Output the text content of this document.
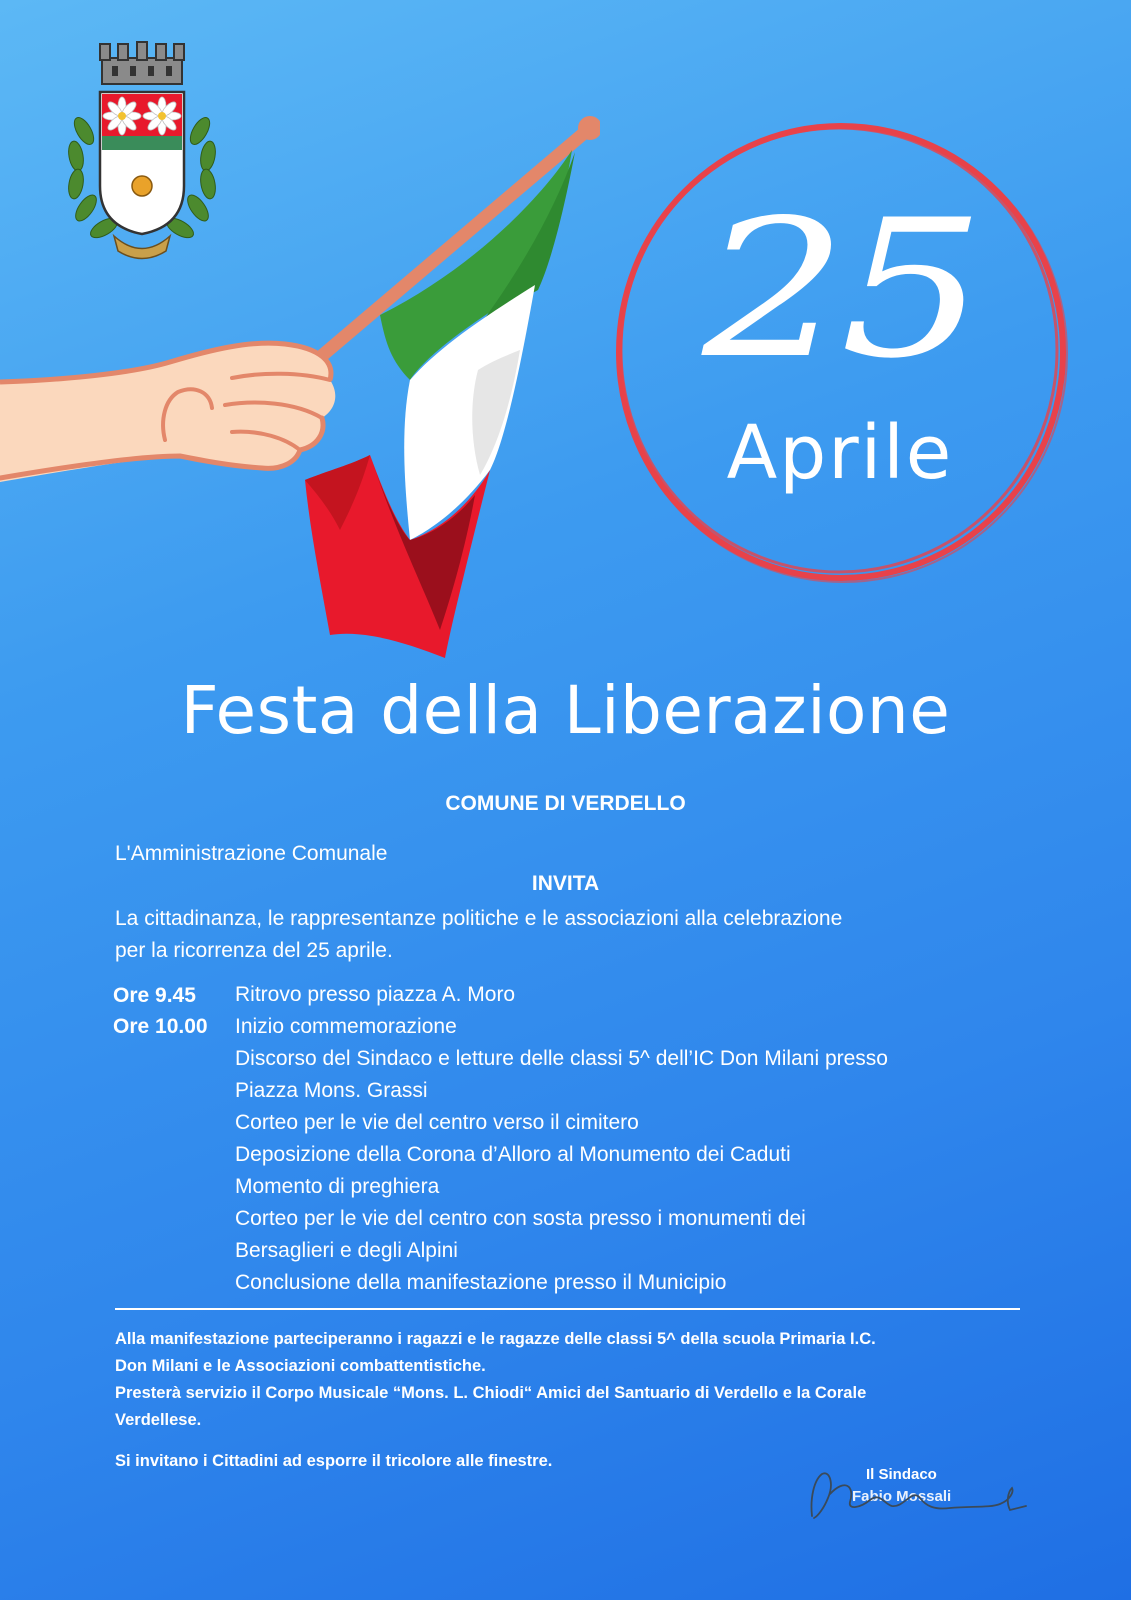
25
Aprile
Festa della Liberazione
COMUNE DI VERDELLO
L'Amministrazione Comunale
INVITA
La cittadinanza, le rappresentanze politiche e le associazioni alla celebrazione
per la ricorrenza del 25 aprile.
Ore 9.45
Ore 10.00
Ritrovo presso piazza A. Moro
Inizio commemorazione
Discorso del Sindaco e letture delle classi 5^ dell’IC Don Milani presso
Piazza Mons. Grassi
Corteo per le vie del centro verso il cimitero
Deposizione della Corona d’Alloro al Monumento dei Caduti
Momento di preghiera
Corteo per le vie del centro con sosta presso i monumenti dei
Bersaglieri e degli Alpini
Conclusione della manifestazione presso il Municipio
Alla manifestazione parteciperanno i ragazzi e le ragazze delle classi 5^ della scuola Primaria I.C.
Don Milani e le Associazioni combattentistiche.
Presterà servizio il Corpo Musicale “Mons. L. Chiodi“ Amici del Santuario di Verdello e la Corale
Verdellese.
Si invitano i Cittadini ad esporre il tricolore alle finestre.
Il Sindaco
Fabio Mossali
